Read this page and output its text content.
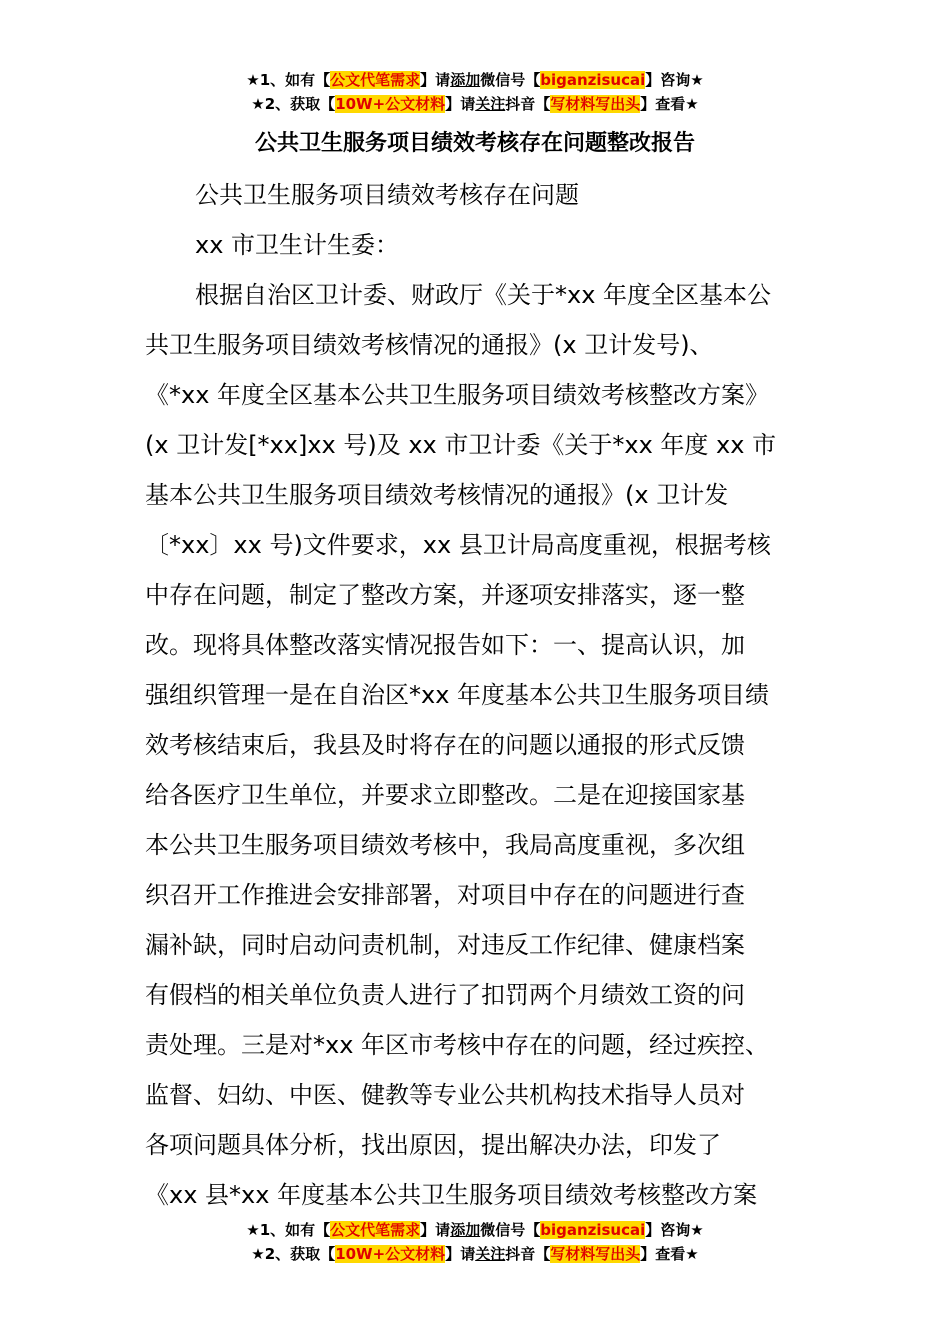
★1、如有【公文代笔需求】请添加微信号【biganzisucai】咨询★
★2、获取【10W+公文材料】请关注抖音【写材料写出头】查看★
公共卫生服务项目绩效考核存在问题整改报告
公共卫生服务项目绩效考核存在问题
xx 市卫生计生委：
根据自治区卫计委、财政厅《关于*xx 年度全区基本公
共卫生服务项目绩效考核情况的通报》(x 卫计发号)、
《*xx 年度全区基本公共卫生服务项目绩效考核整改方案》
(x 卫计发[*xx]xx 号)及 xx 市卫计委《关于*xx 年度 xx 市
基本公共卫生服务项目绩效考核情况的通报》(x 卫计发
〔*xx〕xx 号)文件要求，xx 县卫计局高度重视，根据考核
中存在问题，制定了整改方案，并逐项安排落实，逐一整
改。现将具体整改落实情况报告如下：一、提高认识，加
强组织管理一是在自治区*xx 年度基本公共卫生服务项目绩
效考核结束后，我县及时将存在的问题以通报的形式反馈
给各医疗卫生单位，并要求立即整改。二是在迎接国家基
本公共卫生服务项目绩效考核中，我局高度重视，多次组
织召开工作推进会安排部署，对项目中存在的问题进行查
漏补缺，同时启动问责机制，对违反工作纪律、健康档案
有假档的相关单位负责人进行了扣罚两个月绩效工资的问
责处理。三是对*xx 年区市考核中存在的问题，经过疾控、
监督、妇幼、中医、健教等专业公共机构技术指导人员对
各项问题具体分析，找出原因，提出解决办法，印发了
《xx 县*xx 年度基本公共卫生服务项目绩效考核整改方案
★1、如有【公文代笔需求】请添加微信号【biganzisucai】咨询★
★2、获取【10W+公文材料】请关注抖音【写材料写出头】查看★
